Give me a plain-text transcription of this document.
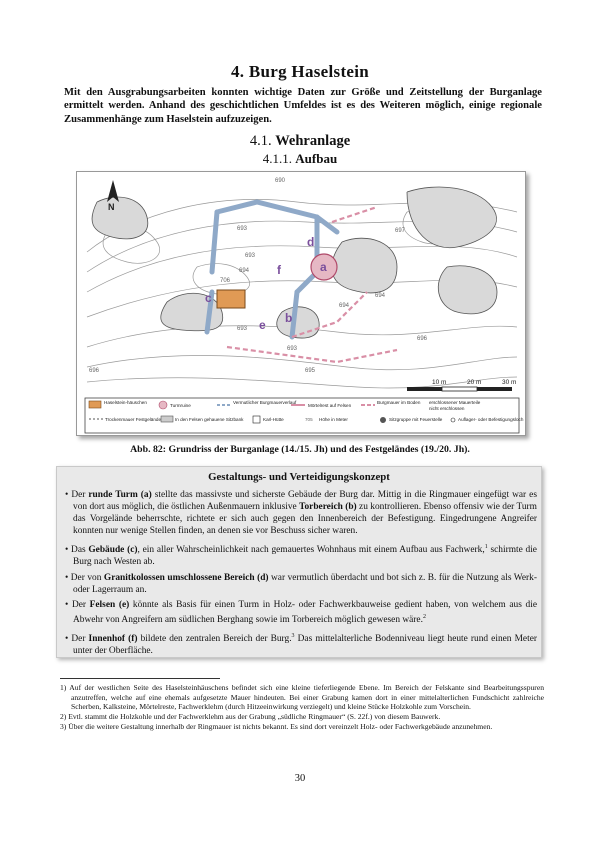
4. Burg Haselstein

Mit den Ausgrabungsarbeiten konnten wichtige Daten zur Größe und Zeitstellung der Burganlage ermittelt werden. Anhand des geschichtlichen Umfeldes ist es des Weiteren möglich, einige regionale Zusammenhänge zum Haselstein aufzuzeigen.

4.1. Wehranlage
4.1.1. Aufbau
a
b
c
d
e
f
690
693
693
694
694
695
696
696
697
706
694
693
693
N
10 m	20 m	30 m
Haselstein-häuschen
Turmruine
Vermutlicher Burgmauerverlauf
Mörtelrest auf Felsen
Burgmauer im Boden erschlossener Mauerteile
nicht erschlossen
Trockenmauer Festgelände	In den Felsen gehauene Sitzbank	Karl-Hütte	705 Höhe in Meter	Sitzgruppe mit Feuerstelle	Auflager- oder Befestigungsloch
Abb. 82: Grundriss der Burganlage (14./15. Jh) und des Festgeländes (19./20. Jh).
Gestaltungs- und Verteidigungskonzept

• Der runde Turm (a) stellte das massivste und sicherste Gebäude der Burg dar. Mittig in die Ringmauer eingefügt war es von dort aus möglich, die östlichen Außenmauern inklusive Torbereich (b) zu kontrollieren. Ebenso offensiv wie der Turm das Vorgelände beherrschte, richtete er sich auch gegen den Innenbereich der Befestigung. Eingedrungene Angreifer konnten nur wenige Stellen finden, an denen sie vor Beschuss sicher waren.

• Das Gebäude (c), ein aller Wahrscheinlichkeit nach gemauertes Wohnhaus mit einem Aufbau aus Fachwerk,$^1$ schirmte die Burg nach Westen ab.

• Der von Granitkolossen umschlossene Bereich (d) war vermutlich überdacht und bot sich z. B. für die Nutzung als Werk- oder Lagerraum an.

• Der Felsen (e) könnte als Basis für einen Turm in Holz- oder Fachwerkbauweise gedient haben, von welchem aus die Abwehr von Angreifern am südlichen Berghang sowie im Torbereich möglich gewesen wäre.$^2$

• Der Innenhof (f) bildete den zentralen Bereich der Burg.$^3$ Das mittelalterliche Bodenniveau liegt heute rund einen Meter unter der Oberfläche.

1) Auf der westlichen Seite des Haselsteinhäuschens befindet sich eine kleine tieferliegende Ebene. Im Bereich der Felskante sind Bearbeitungsspuren anzutreffen, welche auf eine ehemals aufgesetzte Mauer hindeuten. Bei einer Grabung kamen dort in einer mittelalterlichen Fundschicht zahlreiche Scherben, Kalksteine, Mörtelreste, Fachwerklehm (durch Hitzeeinwirkung verziegelt) und kleine Stücke Holzkohle zum Vorschein.

2) Evtl. stammt die Holzkohle und der Fachwerklehm aus der Grabung „südliche Ringmauer“ (S. 22f.) von diesem Bauwerk.

3) Über die weitere Gestaltung innerhalb der Ringmauer ist nichts bekannt. Es sind dort vereinzelt Holz- oder Fachwerkgebäude anzunehmen.

30
